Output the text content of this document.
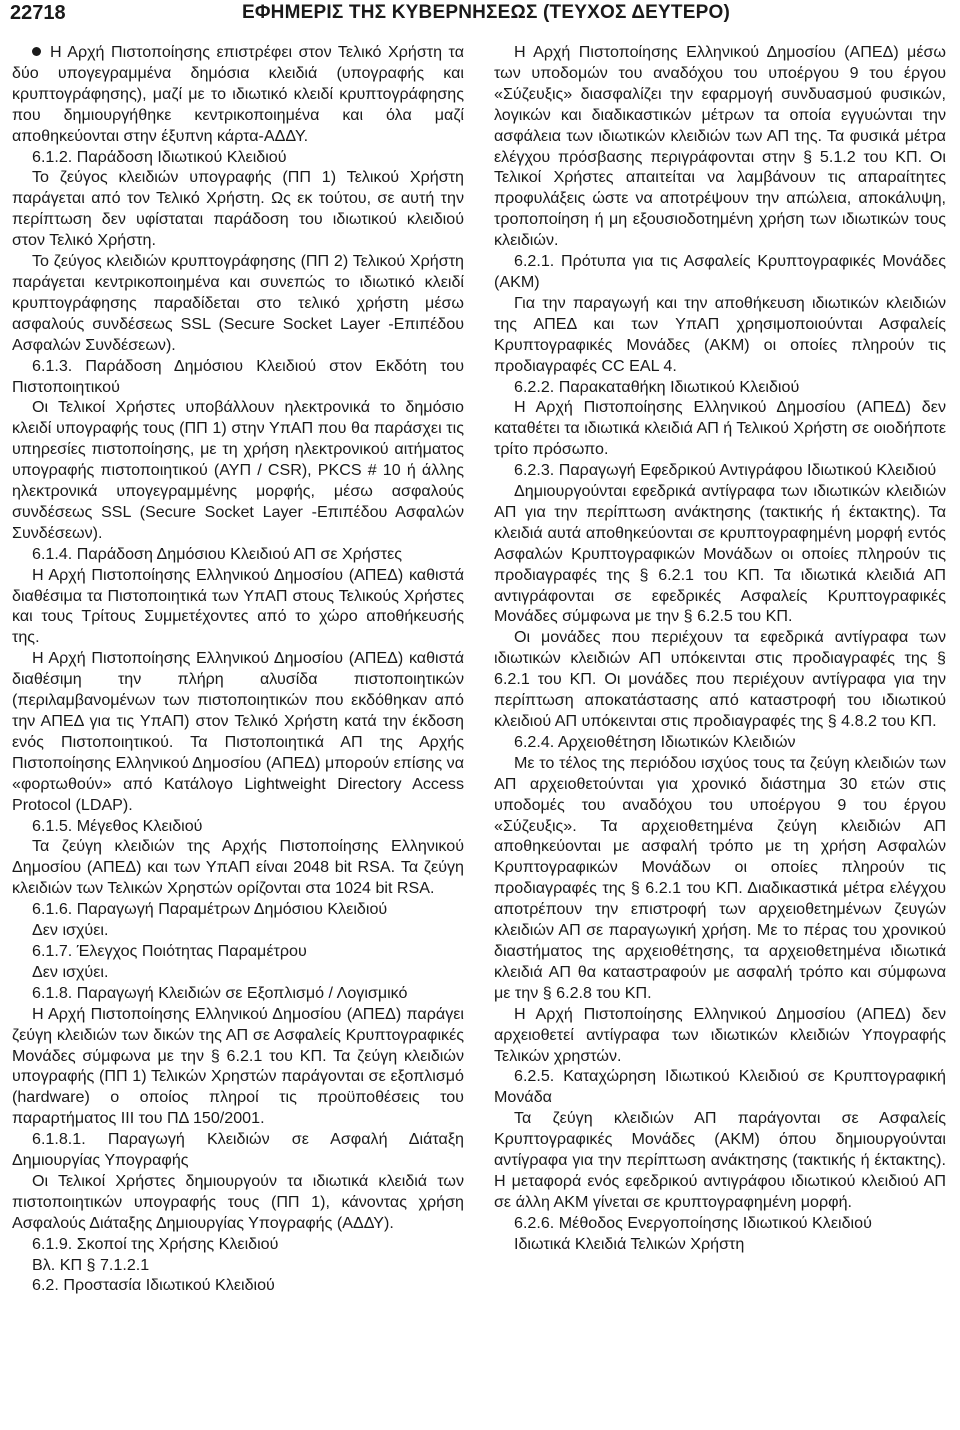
22718	ΕΦΗΜΕΡΙΣ ΤΗΣ ΚΥΒΕΡΝΗΣΕΩΣ (ΤΕΥΧΟΣ ΔΕΥΤΕΡΟ)

Η Αρχή Πιστοποίησης επιστρέφει στον Τελικό Χρήστη τα δύο υπογεγραμμένα δημόσια κλειδιά (υπογραφής και κρυπτογράφησης), μαζί με το ιδιωτικό κλειδί κρυπτογράφησης που δημιουργήθηκε κεντρικοποιημένα και όλα μαζί αποθηκεύονται στην έξυπνη κάρτα-ΑΔΔΥ.

6.1.2. Παράδοση Ιδιωτικού Κλειδιού

Το ζεύγος κλειδιών υπογραφής (ΠΠ 1) Τελικού Χρήστη παράγεται από τον Τελικό Χρήστη. Ως εκ τούτου, σε αυτή την περίπτωση δεν υφίσταται παράδοση του ιδιωτικού κλειδιού στον Τελικό Χρήστη.

Το ζεύγος κλειδιών κρυπτογράφησης (ΠΠ 2) Τελικού Χρήστη παράγεται κεντρικοποιημένα και συνεπώς το ιδιωτικό κλειδί κρυπτογράφησης παραδίδεται στο τελικό χρήστη μέσω ασφαλούς συνδέσεως SSL (Secure Socket Layer -Επιπέδου Ασφαλών Συνδέσεων).

6.1.3. Παράδοση Δημόσιου Κλειδιού στον Εκδότη του Πιστοποιητικού

Οι Τελικοί Χρήστες υποβάλλουν ηλεκτρονικά το δημόσιο κλειδί υπογραφής τους (ΠΠ 1) στην ΥπΑΠ που θα παράσχει τις υπηρεσίες πιστοποίησης, με τη χρήση ηλεκτρονικού αιτήματος υπογραφής πιστοποιητικού (ΑΥΠ / CSR), PKCS # 10 ή άλλης ηλεκτρονικά υπογεγραμμένης μορφής, μέσω ασφαλούς συνδέσεως SSL (Secure Socket Layer -Επιπέδου Ασφαλών Συνδέσεων).

6.1.4. Παράδοση Δημόσιου Κλειδιού ΑΠ σε Χρήστες

Η Αρχή Πιστοποίησης Ελληνικού Δημοσίου (ΑΠΕΔ) καθιστά διαθέσιμα τα Πιστοποιητικά των ΥπΑΠ στους Τελικούς Χρήστες και τους Τρίτους Συμμετέχοντες από το χώρο αποθήκευσής της.

Η Αρχή Πιστοποίησης Ελληνικού Δημοσίου (ΑΠΕΔ) καθιστά διαθέσιμη την πλήρη αλυσίδα πιστοποιητικών (περιλαμβανομένων των πιστοποιητικών που εκδόθηκαν από την ΑΠΕΔ για τις ΥπΑΠ) στον Τελικό Χρήστη κατά την έκδοση ενός Πιστοποιητικού. Τα Πιστοποιητικά ΑΠ της Αρχής Πιστοποίησης Ελληνικού Δημοσίου (ΑΠΕΔ) μπορούν επίσης να «φορτωθούν» από Κατάλογο Lightweight Directory Access Protocol (LDAP).

6.1.5. Μέγεθος Κλειδιού

Τα ζεύγη κλειδιών της Αρχής Πιστοποίησης Ελληνικού Δημοσίου (ΑΠΕΔ) και των ΥπΑΠ είναι 2048 bit RSA. Τα ζεύγη κλειδιών των Τελικών Χρηστών ορίζονται στα 1024 bit RSA.

6.1.6. Παραγωγή Παραμέτρων Δημόσιου Κλειδιού

Δεν ισχύει.

6.1.7. Έλεγχος Ποιότητας Παραμέτρου

Δεν ισχύει.

6.1.8. Παραγωγή Κλειδιών σε Εξοπλισμό / Λογισμικό

Η Αρχή Πιστοποίησης Ελληνικού Δημοσίου (ΑΠΕΔ) παράγει ζεύγη κλειδιών των δικών της ΑΠ σε Ασφαλείς Κρυπτογραφικές Μονάδες σύμφωνα με την § 6.2.1 του ΚΠ. Τα ζεύγη κλειδιών υπογραφής (ΠΠ 1) Τελικών Χρηστών παράγονται σε εξοπλισμό (hardware) ο οποίος πληροί τις προϋποθέσεις του παραρτήματος ΙΙΙ του ΠΔ 150/2001.

6.1.8.1. Παραγωγή Κλειδιών σε Ασφαλή Διάταξη Δημιουργίας Υπογραφής

Οι Τελικοί Χρήστες δημιουργούν τα ιδιωτικά κλειδιά των πιστοποιητικών υπογραφής τους (ΠΠ 1), κάνοντας χρήση Ασφαλούς Διάταξης Δημιουργίας Υπογραφής (ΑΔΔΥ).

6.1.9. Σκοποί της Χρήσης Κλειδιού

Βλ. ΚΠ § 7.1.2.1

6.2. Προστασία Ιδιωτικού Κλειδιού

Η Αρχή Πιστοποίησης Ελληνικού Δημοσίου (ΑΠΕΔ) μέσω των υποδομών του αναδόχου του υποέργου 9 του έργου «Σύζευξις» διασφαλίζει την εφαρμογή συνδυασμού φυσικών, λογικών και διαδικαστικών μέτρων τα οποία εγγυώνται την ασφάλεια των ιδιωτικών κλειδιών των ΑΠ της. Τα φυσικά μέτρα ελέγχου πρόσβασης περιγράφονται στην § 5.1.2 του ΚΠ. Οι Τελικοί Χρήστες απαιτείται να λαμβάνουν τις απαραίτητες προφυλάξεις ώστε να αποτρέψουν την απώλεια, αποκάλυψη, τροποποίηση ή μη εξουσιοδοτημένη χρήση των ιδιωτικών τους κλειδιών.

6.2.1. Πρότυπα για τις Ασφαλείς Κρυπτογραφικές Μονάδες (ΑΚΜ)

Για την παραγωγή και την αποθήκευση ιδιωτικών κλειδιών της ΑΠΕΔ και των ΥπΑΠ χρησιμοποιούνται Ασφαλείς Κρυπτογραφικές Μονάδες (ΑΚΜ) οι οποίες πληρούν τις προδιαγραφές CC EAL 4.

6.2.2. Παρακαταθήκη Ιδιωτικού Κλειδιού

Η Αρχή Πιστοποίησης Ελληνικού Δημοσίου (ΑΠΕΔ) δεν καταθέτει τα ιδιωτικά κλειδιά ΑΠ ή Τελικού Χρήστη σε οιοδήποτε τρίτο πρόσωπο.

6.2.3. Παραγωγή Εφεδρικού Αντιγράφου Ιδιωτικού Κλειδιού

Δημιουργούνται εφεδρικά αντίγραφα των ιδιωτικών κλειδιών ΑΠ για την περίπτωση ανάκτησης (τακτικής ή έκτακτης). Τα κλειδιά αυτά αποθηκεύονται σε κρυπτογραφημένη μορφή εντός Ασφαλών Κρυπτογραφικών Μονάδων οι οποίες πληρούν τις προδιαγραφές της § 6.2.1 του ΚΠ. Τα ιδιωτικά κλειδιά ΑΠ αντιγράφονται σε εφεδρικές Ασφαλείς Κρυπτογραφικές Μονάδες σύμφωνα με την § 6.2.5 του ΚΠ.

Οι μονάδες που περιέχουν τα εφεδρικά αντίγραφα των ιδιωτικών κλειδιών ΑΠ υπόκεινται στις προδιαγραφές της § 6.2.1 του ΚΠ. Οι μονάδες που περιέχουν αντίγραφα για την περίπτωση αποκατάστασης από καταστροφή του ιδιωτικού κλειδιού ΑΠ υπόκεινται στις προδιαγραφές της § 4.8.2 του ΚΠ.

6.2.4. Αρχειοθέτηση Ιδιωτικών Κλειδιών

Με το τέλος της περιόδου ισχύος τους τα ζεύγη κλειδιών των ΑΠ αρχειοθετούνται για χρονικό διάστημα 30 ετών στις υποδομές του αναδόχου του υποέργου 9 του έργου «Σύζευξις». Τα αρχειοθετημένα ζεύγη κλειδιών ΑΠ αποθηκεύονται με ασφαλή τρόπο με τη χρήση Ασφαλών Κρυπτογραφικών Μονάδων οι οποίες πληρούν τις προδιαγραφές της § 6.2.1 του ΚΠ. Διαδικαστικά μέτρα ελέγχου αποτρέπουν την επιστροφή των αρχειοθετημένων ζευγών κλειδιών ΑΠ σε παραγωγική χρήση. Με το πέρας του χρονικού διαστήματος της αρχειοθέτησης, τα αρχειοθετημένα ιδιωτικά κλειδιά ΑΠ θα καταστραφούν με ασφαλή τρόπο και σύμφωνα με την § 6.2.8 του ΚΠ.

Η Αρχή Πιστοποίησης Ελληνικού Δημοσίου (ΑΠΕΔ) δεν αρχειοθετεί αντίγραφα των ιδιωτικών κλειδιών Υπογραφής Τελικών χρηστών.

6.2.5. Καταχώρηση Ιδιωτικού Κλειδιού σε Κρυπτογραφική Μονάδα

Τα ζεύγη κλειδιών ΑΠ παράγονται σε Ασφαλείς Κρυπτογραφικές Μονάδες (ΑΚΜ) όπου δημιουργούνται αντίγραφα για την περίπτωση ανάκτησης (τακτικής ή έκτακτης). Η μεταφορά ενός εφεδρικού αντιγράφου ιδιωτικού κλειδιού ΑΠ σε άλλη ΑΚΜ γίνεται σε κρυπτογραφημένη μορφή.

6.2.6. Μέθοδος Ενεργοποίησης Ιδιωτικού Κλειδιού

Ιδιωτικά Κλειδιά Τελικών Χρήστη
